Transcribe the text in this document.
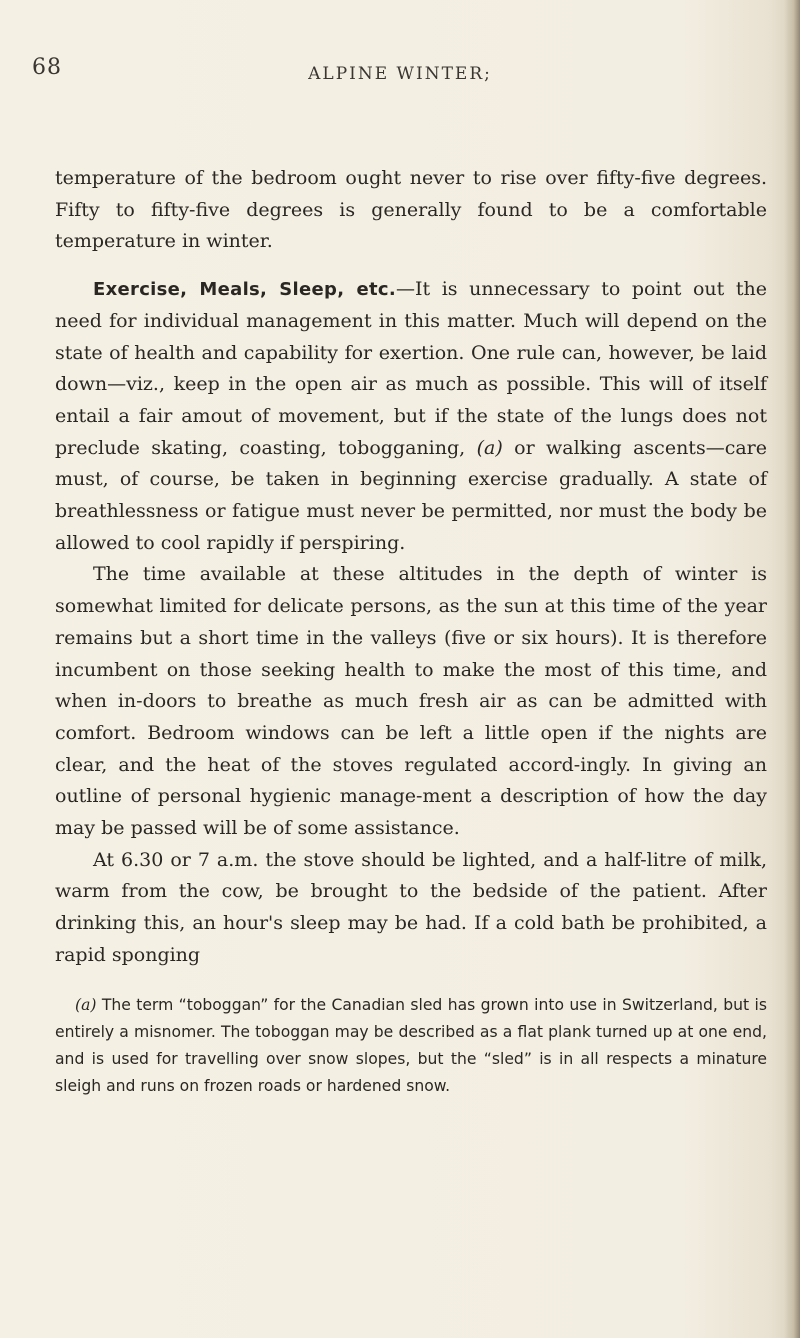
68	ALPINE WINTER;

temperature of the bedroom ought never to rise over fifty-five degrees. Fifty to fifty-five degrees is generally found to be a comfortable temperature in winter.

Exercise, Meals, Sleep, etc.—It is unnecessary to point out the need for individual management in this matter. Much will depend on the state of health and capability for exertion. One rule can, however, be laid down—viz., keep in the open air as much as possible. This will of itself entail a fair amout of movement, but if the state of the lungs does not preclude skating, coasting, tobogganing, (a) or walking ascents—care must, of course, be taken in beginning exercise gradually. A state of breathlessness or fatigue must never be permitted, nor must the body be allowed to cool rapidly if perspiring.

The time available at these altitudes in the depth of winter is somewhat limited for delicate persons, as the sun at this time of the year remains but a short time in the valleys (five or six hours). It is therefore incumbent on those seeking health to make the most of this time, and when in-doors to breathe as much fresh air as can be admitted with comfort. Bedroom windows can be left a little open if the nights are clear, and the heat of the stoves regulated accord-ingly. In giving an outline of personal hygienic manage-ment a description of how the day may be passed will be of some assistance.

At 6.30 or 7 a.m. the stove should be lighted, and a half-litre of milk, warm from the cow, be brought to the bedside of the patient. After drinking this, an hour's sleep may be had. If a cold bath be prohibited, a rapid sponging

(a) The term “toboggan” for the Canadian sled has grown into use in Switzerland, but is entirely a misnomer. The toboggan may be described as a flat plank turned up at one end, and is used for travelling over snow slopes, but the “sled” is in all respects a minature sleigh and runs on frozen roads or hardened snow.
